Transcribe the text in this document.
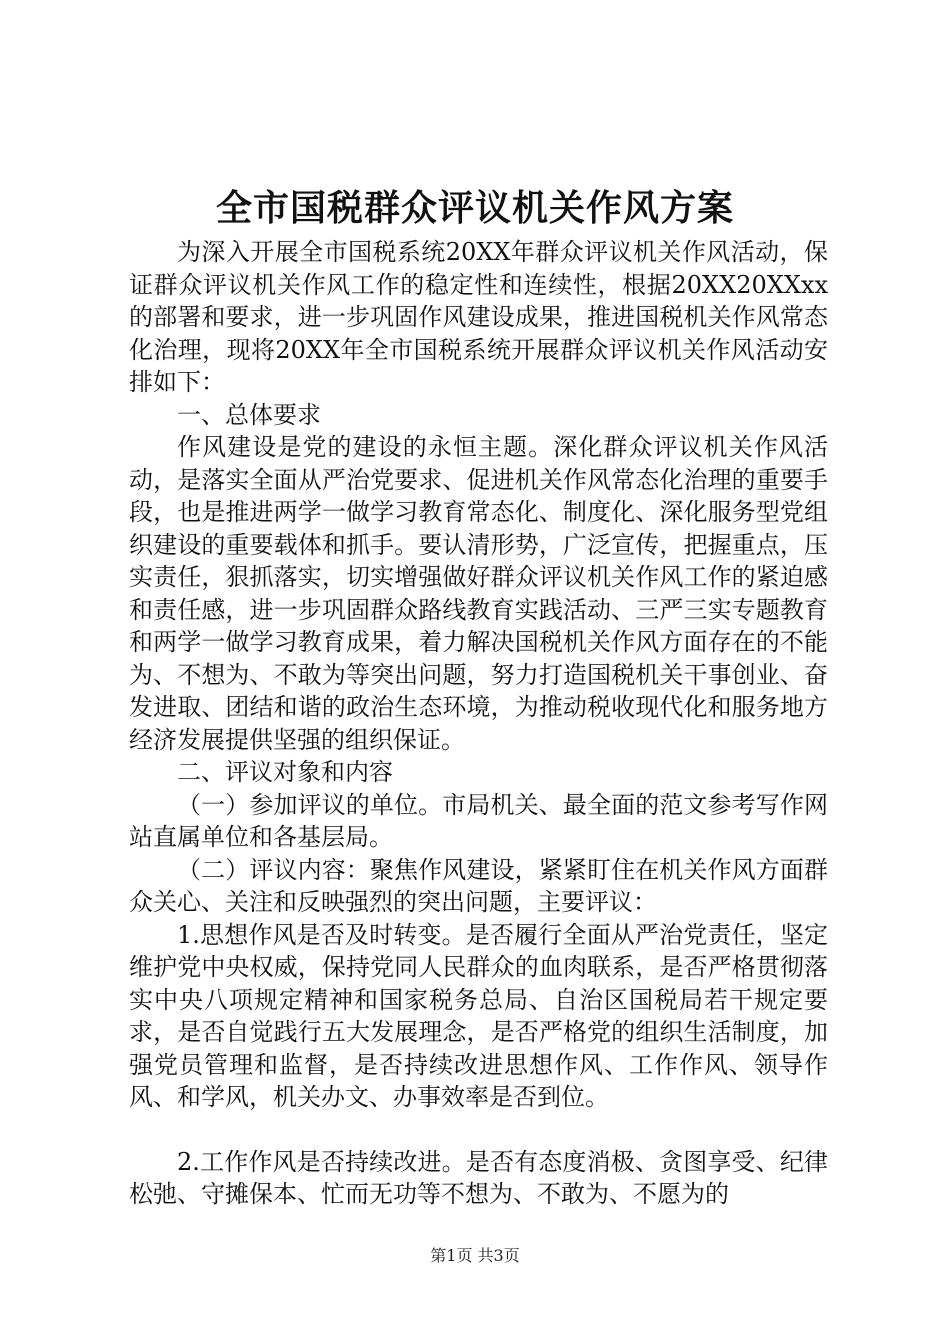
全市国税群众评议机关作风方案

为深入开展全市国税系统20XX年群众评议机关作风活动，保证群众评议机关作风工作的稳定性和连续性，根据20XX20XXxx的部署和要求，进一步巩固作风建设成果，推进国税机关作风常态化治理，现将20XX年全市国税系统开展群众评议机关作风活动安排如下：

一、总体要求

作风建设是党的建设的永恒主题。深化群众评议机关作风活动，是落实全面从严治党要求、促进机关作风常态化治理的重要手段，也是推进两学一做学习教育常态化、制度化、深化服务型党组织建设的重要载体和抓手。要认清形势，广泛宣传，把握重点，压实责任，狠抓落实，切实增强做好群众评议机关作风工作的紧迫感和责任感，进一步巩固群众路线教育实践活动、三严三实专题教育和两学一做学习教育成果，着力解决国税机关作风方面存在的不能为、不想为、不敢为等突出问题，努力打造国税机关干事创业、奋发进取、团结和谐的政治生态环境，为推动税收现代化和服务地方经济发展提供坚强的组织保证。

二、评议对象和内容

（一）参加评议的单位。市局机关、最全面的范文参考写作网站直属单位和各基层局。

（二）评议内容：聚焦作风建设，紧紧盯住在机关作风方面群众关心、关注和反映强烈的突出问题，主要评议：

1.思想作风是否及时转变。是否履行全面从严治党责任，坚定维护党中央权威，保持党同人民群众的血肉联系，是否严格贯彻落实中央八项规定精神和国家税务总局、自治区国税局若干规定要求，是否自觉践行五大发展理念，是否严格党的组织生活制度，加强党员管理和监督，是否持续改进思想作风、工作作风、领导作风、和学风，机关办文、办事效率是否到位。

2.工作作风是否持续改进。是否有态度消极、贪图享受、纪律松弛、守摊保本、忙而无功等不想为、不敢为、不愿为的

第1页 共3页
